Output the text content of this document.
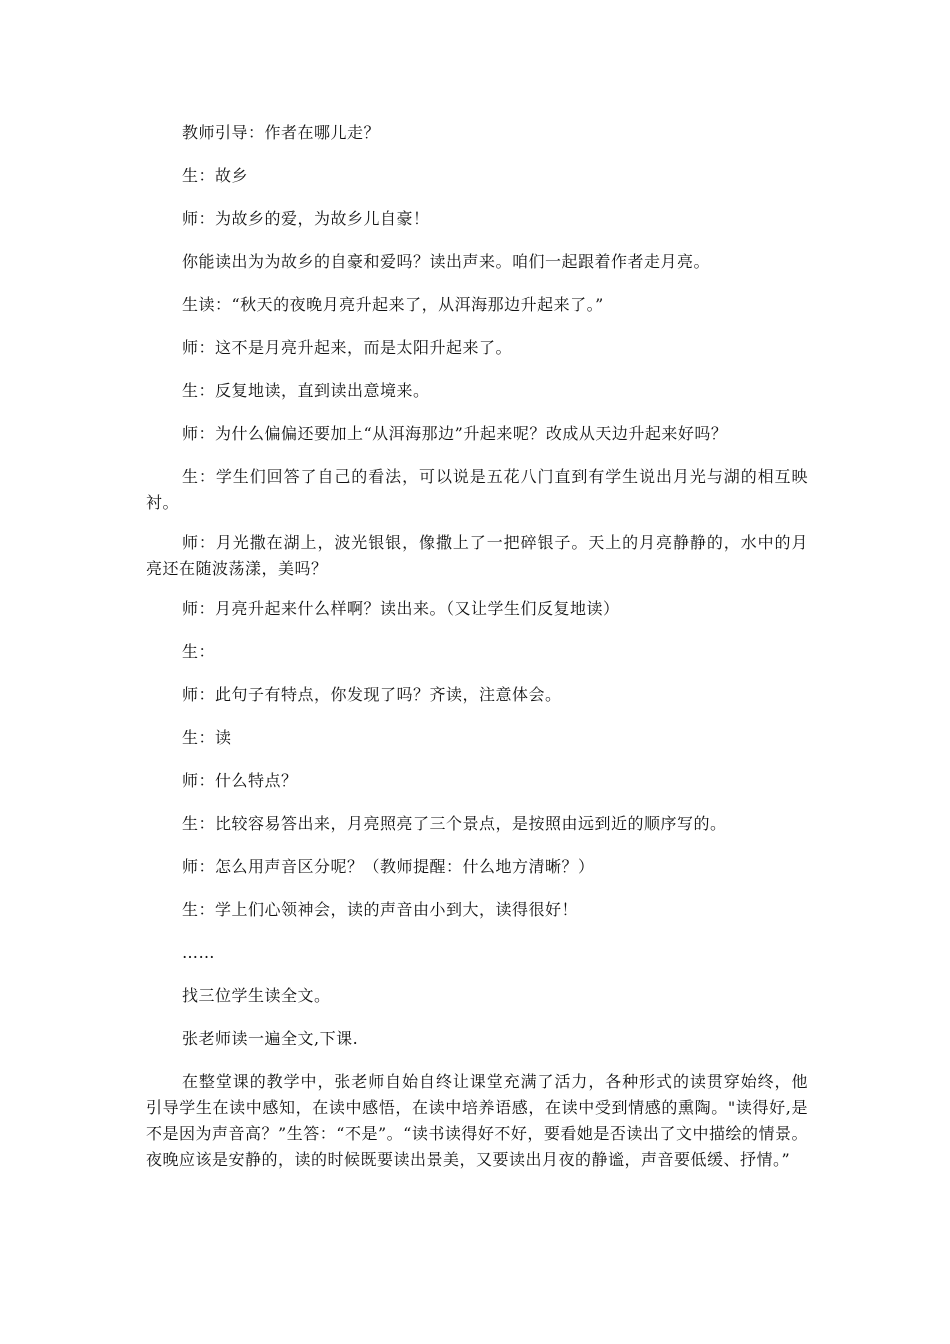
教师引导：作者在哪儿走？

生：故乡

师：为故乡的爱，为故乡儿自豪！

你能读出为为故乡的自豪和爱吗？读出声来。咱们一起跟着作者走月亮。

生读：“秋天的夜晚月亮升起来了，从洱海那边升起来了。”

师：这不是月亮升起来，而是太阳升起来了。

生：反复地读，直到读出意境来。

师：为什么偏偏还要加上“从洱海那边”升起来呢？改成从天边升起来好吗？

生：学生们回答了自己的看法，可以说是五花八门直到有学生说出月光与湖的相互映衬。

师：月光撒在湖上，波光银银，像撒上了一把碎银子。天上的月亮静静的，水中的月亮还在随波荡漾，美吗？

师：月亮升起来什么样啊？读出来。（又让学生们反复地读）

生：

师：此句子有特点，你发现了吗？齐读，注意体会。

生：读

师：什么特点？

生：比较容易答出来，月亮照亮了三个景点，是按照由远到近的顺序写的。

师：怎么用声音区分呢？（教师提醒：什么地方清晰？）

生：学上们心领神会，读的声音由小到大，读得很好！

……

找三位学生读全文。

张老师读一遍全文,下课.

在整堂课的教学中，张老师自始自终让课堂充满了活力，各种形式的读贯穿始终，他引导学生在读中感知，在读中感悟，在读中培养语感，在读中受到情感的熏陶。"读得好,是不是因为声音高？”生答：“不是”。“读书读得好不好，要看她是否读出了文中描绘的情景。夜晚应该是安静的，读的时候既要读出景美，又要读出月夜的静谧，声音要低缓、抒情。”
